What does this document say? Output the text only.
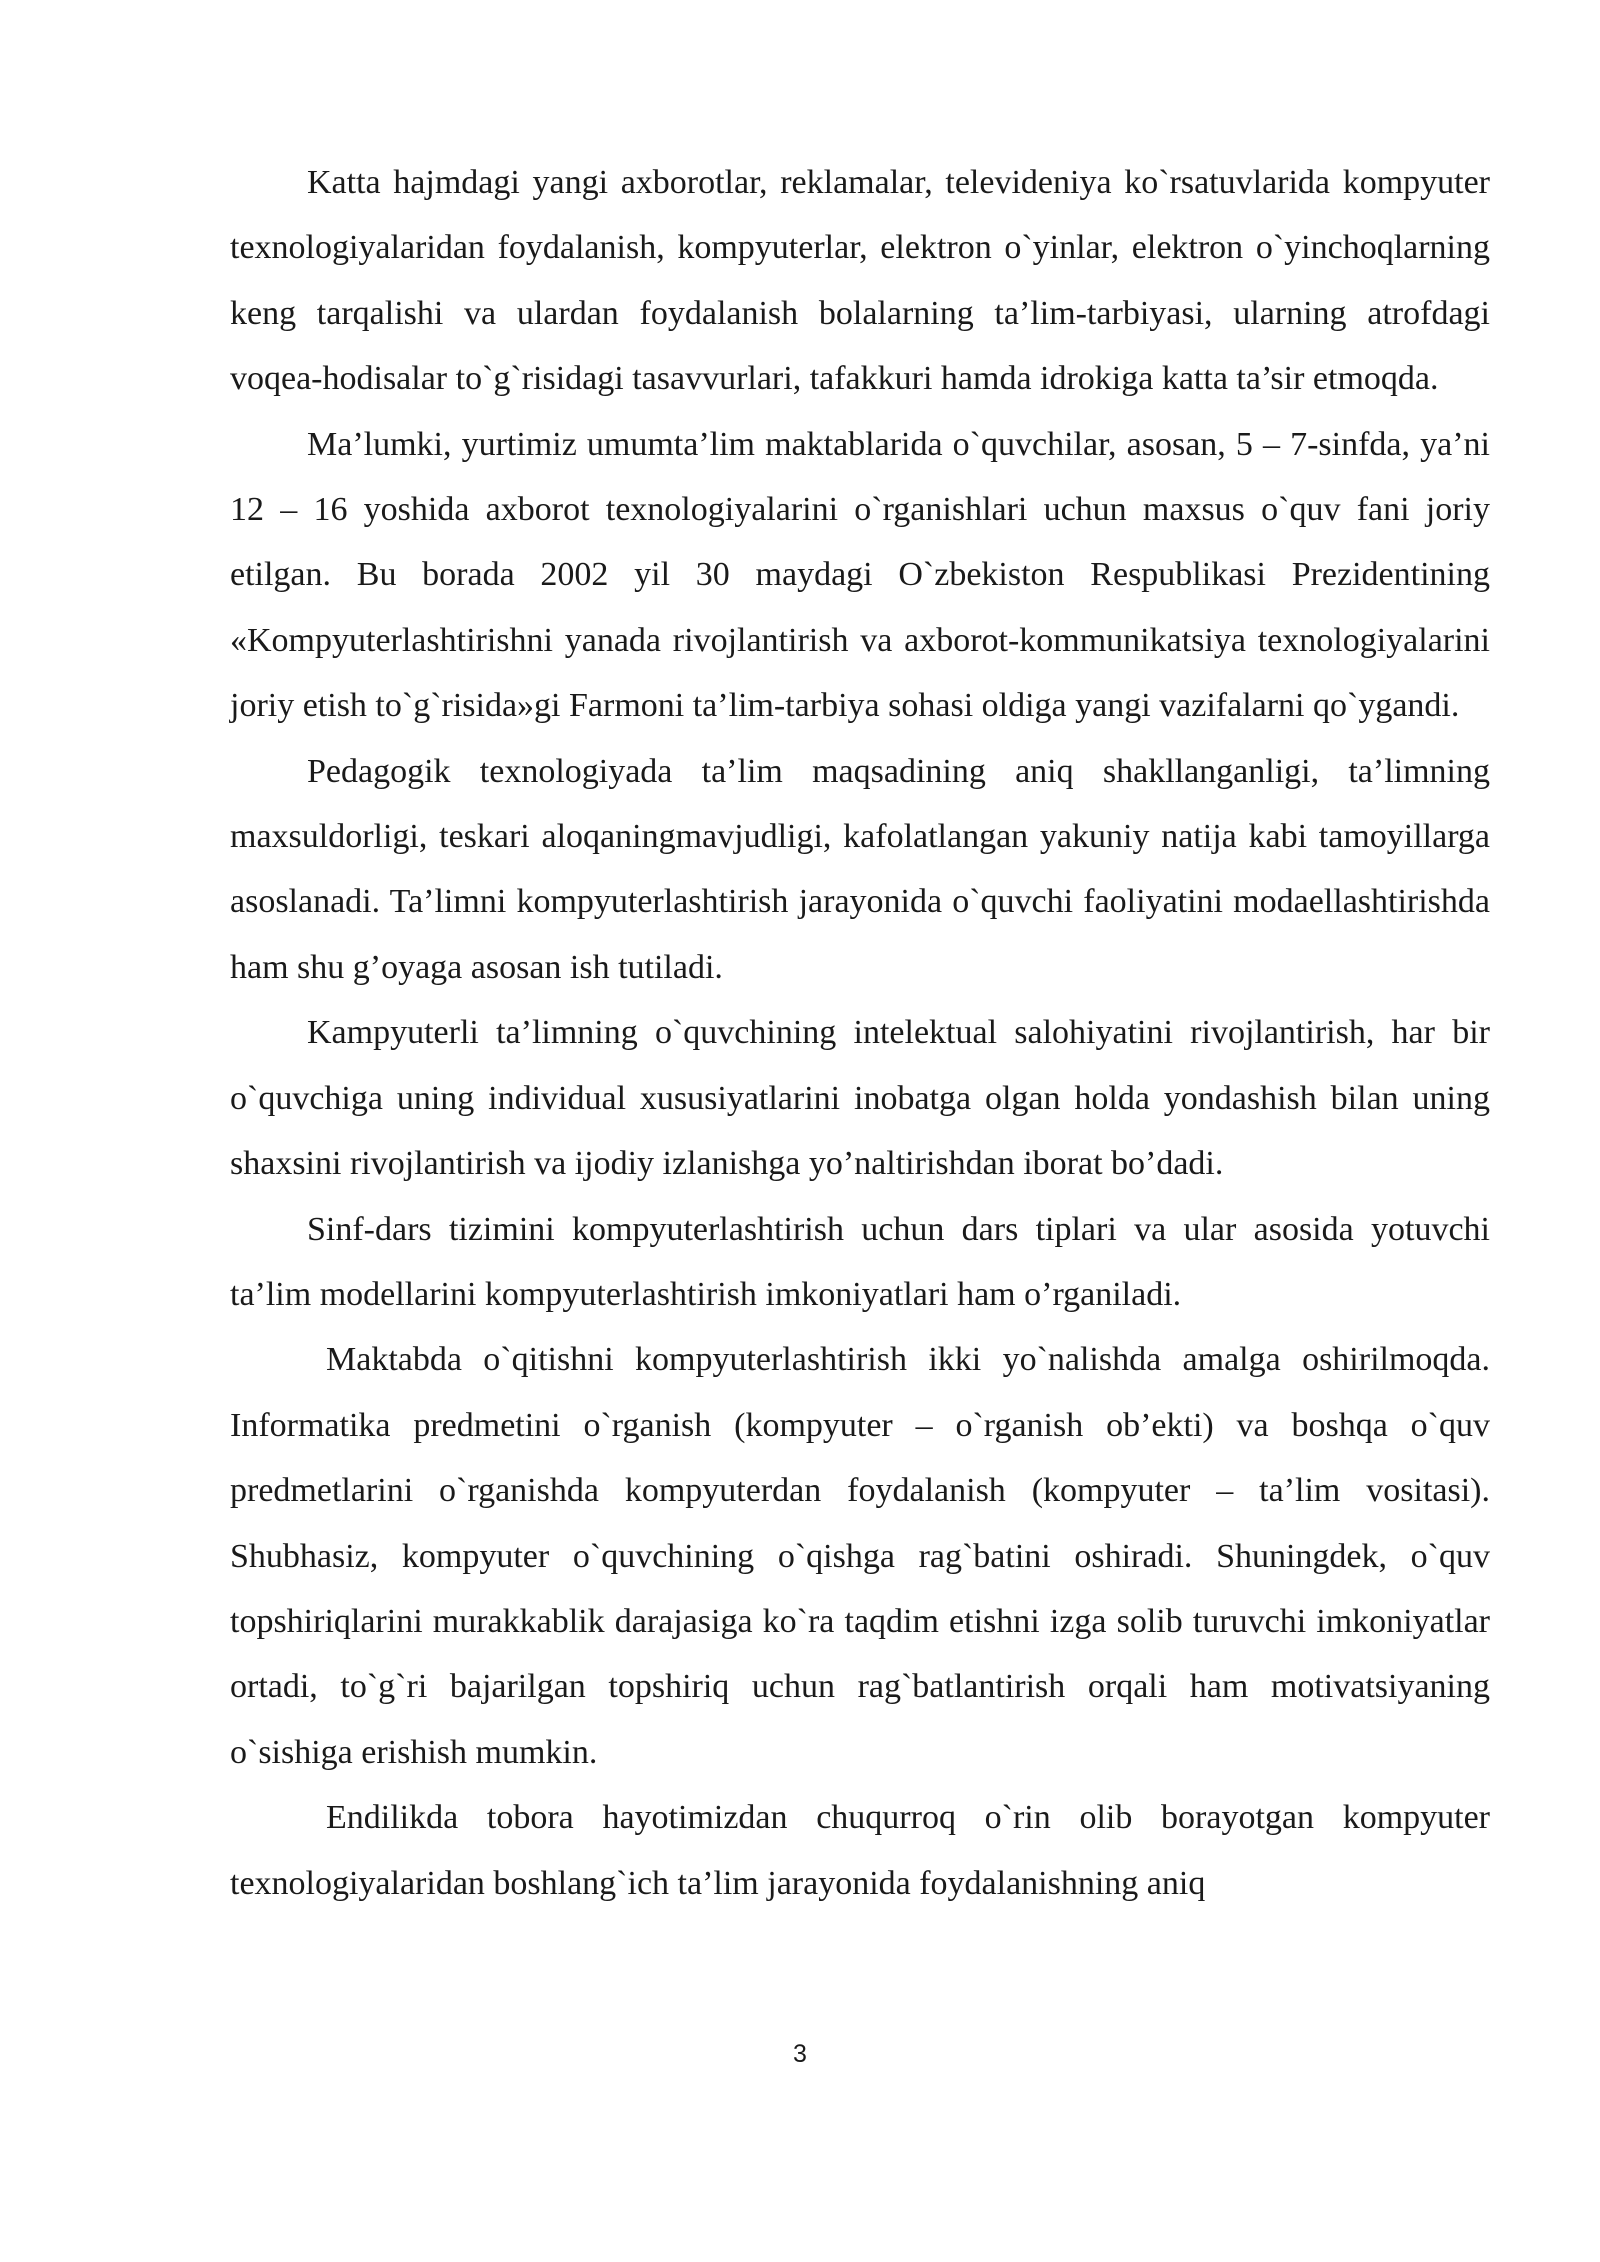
Katta hajmdagi yangi axborotlar, reklamalar, televideniya ko`rsatuvlarida kompyuter texnologiyalaridan foydalanish, kompyuterlar, elektron o`yinlar, elektron o`yinchoqlarning keng tarqalishi va ulardan foydalanish bolalarning ta’lim-tarbiyasi, ularning atrofdagi voqea-hodisalar to`g`risidagi tasavvurlari, tafakkuri hamda idrokiga katta ta’sir etmoqda.

Ma’lumki, yurtimiz umumta’lim maktablarida o`quvchilar, asosan, 5 – 7-sinfda, ya’ni 12 – 16 yoshida axborot texnologiyalarini o`rganishlari uchun maxsus o`quv fani joriy etilgan. Bu borada 2002 yil 30 maydagi O`zbekiston Respublikasi Prezidentining «Kompyuterlashtirishni yanada rivojlantirish va axborot-kommunikatsiya texnologiyalarini joriy etish to`g`risida»gi Farmoni ta’lim-tarbiya sohasi oldiga yangi vazifalarni qo`ygandi.

Pedagogik texnologiyada ta’lim maqsadining aniq shakllanganligi, ta’limning maxsuldorligi, teskari aloqaningmavjudligi, kafolatlangan yakuniy natija kabi tamoyillarga asoslanadi. Ta’limni kompyuterlashtirish jarayonida o`quvchi faoliyatini modaellashtirishda ham shu g’oyaga asosan ish tutiladi.

Kampyuterli ta’limning o`quvchining intelektual salohiyatini rivojlantirish, har bir o`quvchiga uning individual xususiyatlarini inobatga olgan holda yondashish bilan uning shaxsini rivojlantirish va ijodiy izlanishga yo’naltirishdan iborat bo’dadi.

Sinf-dars tizimini kompyuterlashtirish uchun dars tiplari va ular asosida yotuvchi ta’lim modellarini kompyuterlashtirish imkoniyatlari ham o’rganiladi.

Maktabda o`qitishni kompyuterlashtirish ikki yo`nalishda amalga oshirilmoqda. Informatika predmetini o`rganish (kompyuter – o`rganish ob’ekti) va boshqa o`quv predmetlarini o`rganishda kompyuterdan foydalanish (kompyuter – ta’lim vositasi). Shubhasiz, kompyuter o`quvchining o`qishga rag`batini oshiradi. Shuningdek, o`quv topshiriqlarini murakkablik darajasiga ko`ra taqdim etishni izga solib turuvchi imkoniyatlar ortadi, to`g`ri bajarilgan topshiriq uchun rag`batlantirish orqali ham motivatsiyaning o`sishiga erishish mumkin.

Endilikda tobora hayotimizdan chuqurroq o`rin olib borayotgan kompyuter texnologiyalaridan boshlang`ich ta’lim jarayonida foydalanishning aniq

3
